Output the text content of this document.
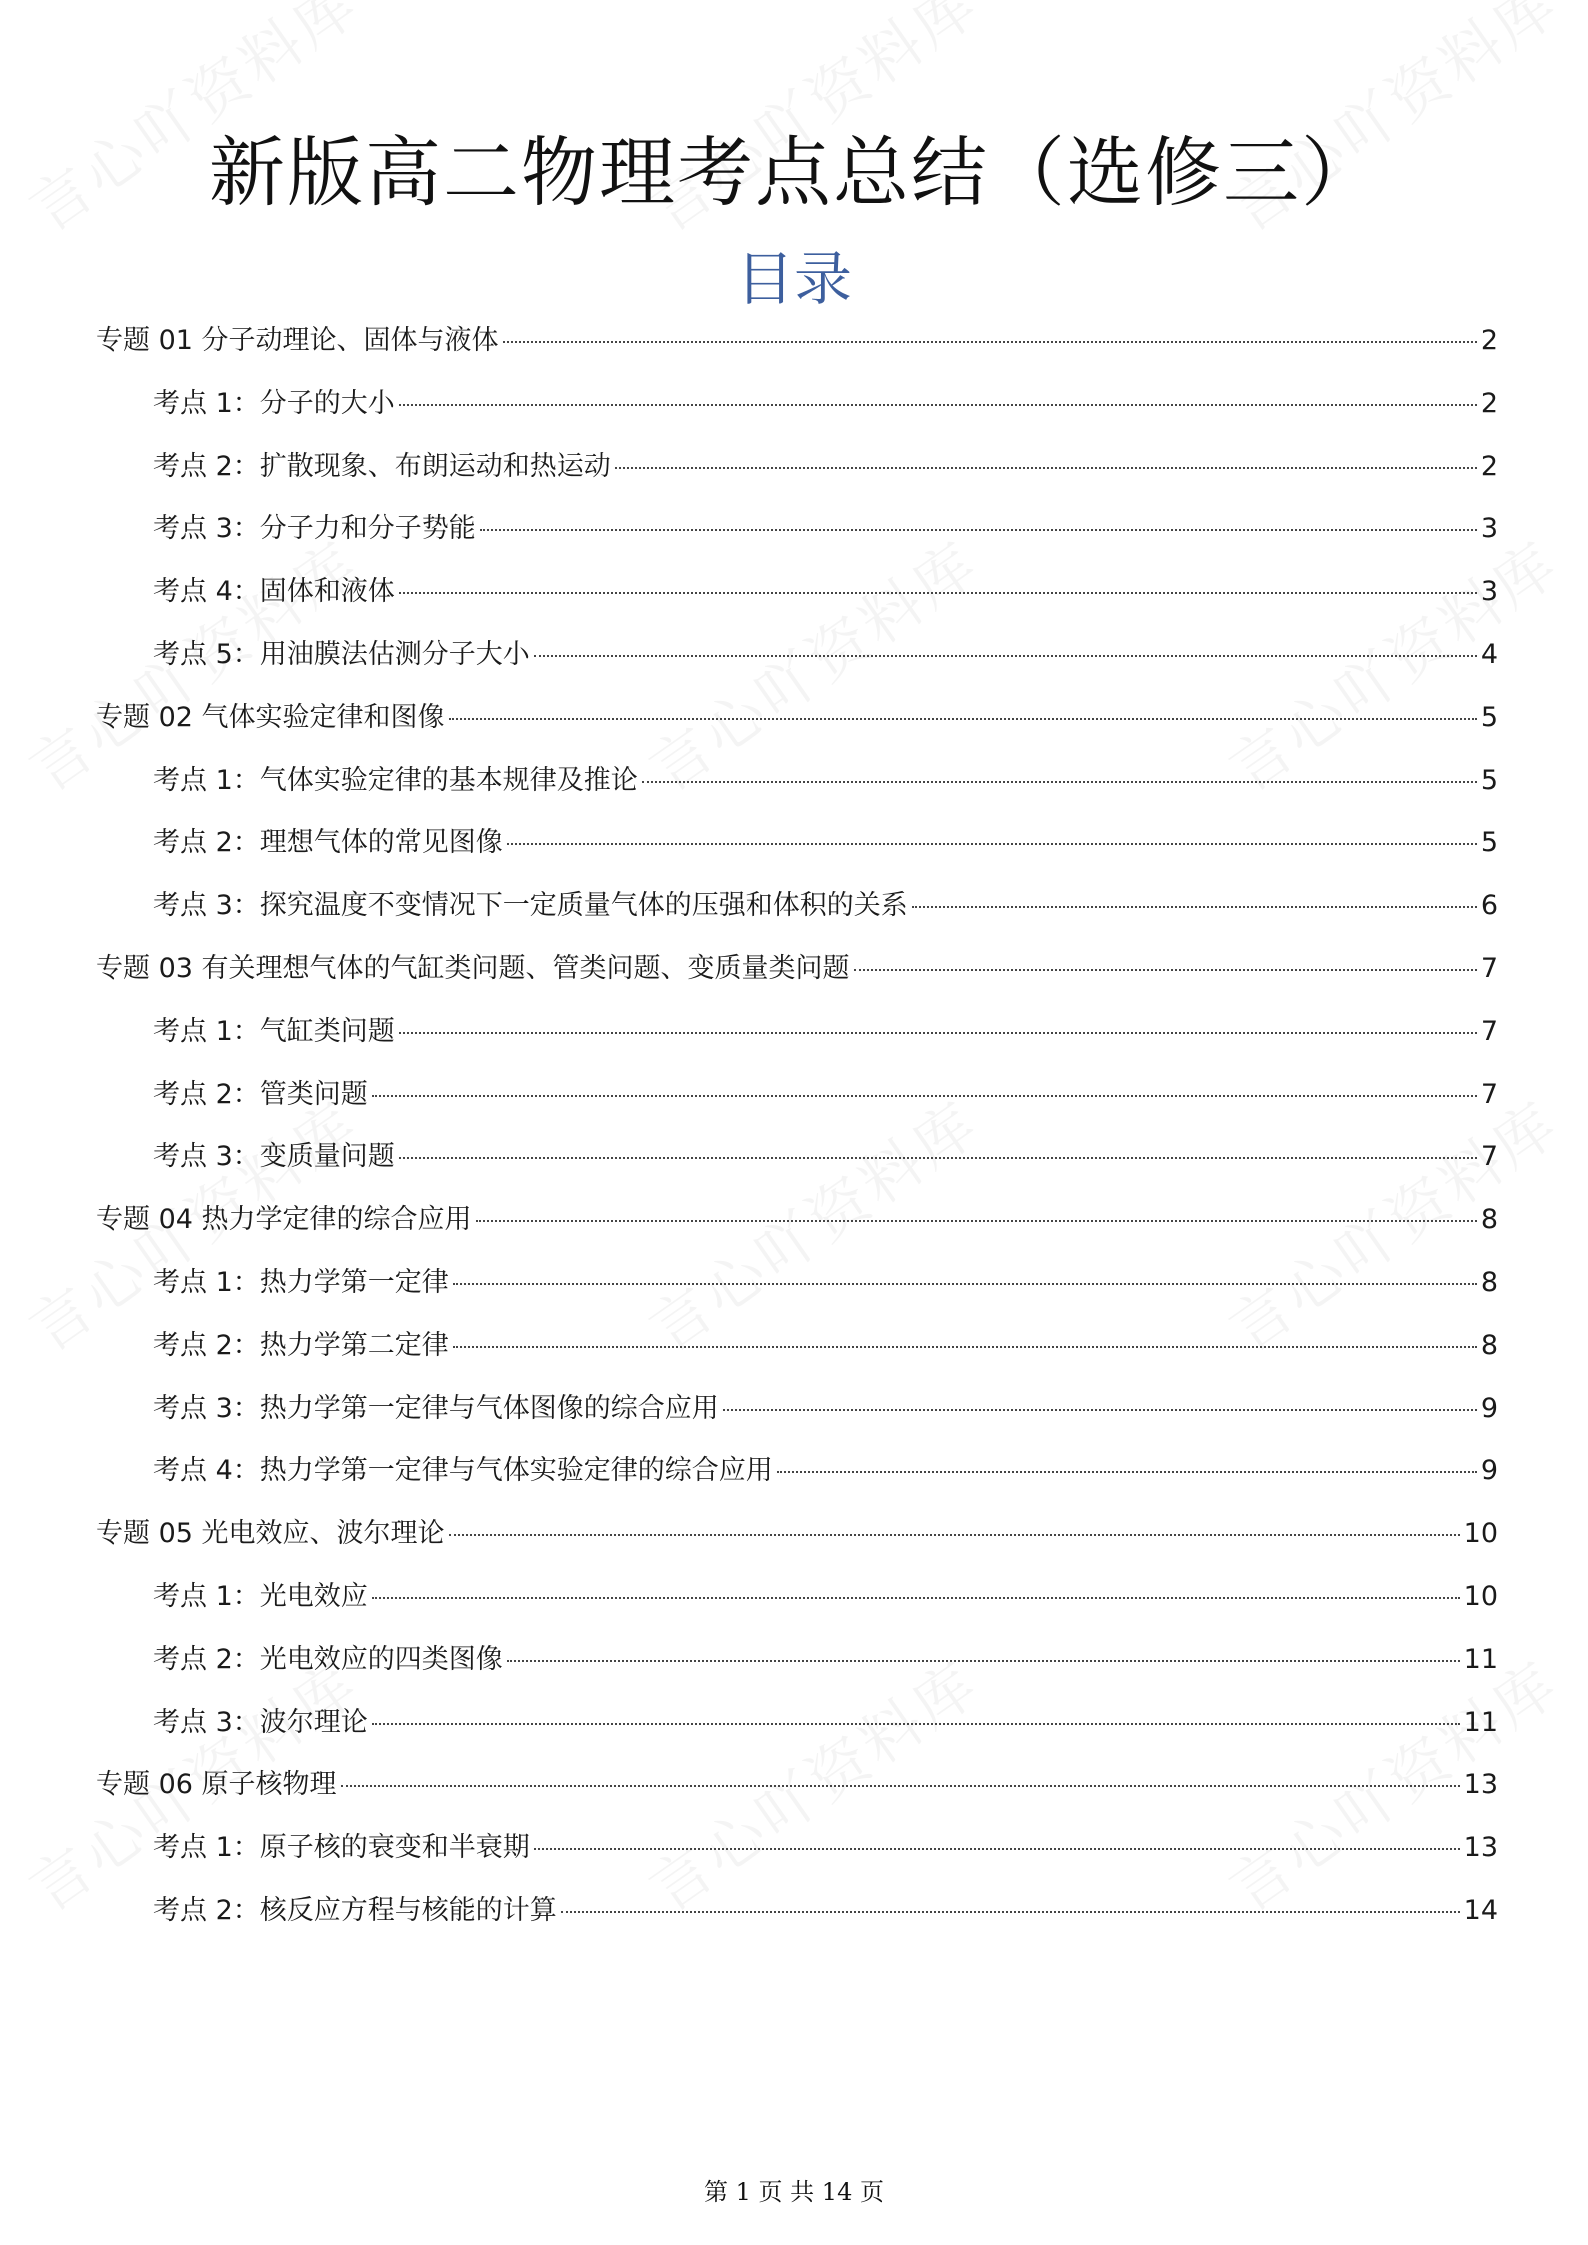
新版高二物理考点总结（选修三）
目录
专题 01 分子动理论、固体与液体	2
考点 1：分子的大小	2
考点 2：扩散现象、布朗运动和热运动	2
考点 3：分子力和分子势能	3
考点 4：固体和液体	3
考点 5：用油膜法估测分子大小	4
专题 02 气体实验定律和图像	5
考点 1：气体实验定律的基本规律及推论	5
考点 2：理想气体的常见图像	5
考点 3：探究温度不变情况下一定质量气体的压强和体积的关系	6
专题 03 有关理想气体的气缸类问题、管类问题、变质量类问题	7
考点 1：气缸类问题	7
考点 2：管类问题	7
考点 3：变质量问题	7
专题 04 热力学定律的综合应用	8
考点 1：热力学第一定律	8
考点 2：热力学第二定律	8
考点 3：热力学第一定律与气体图像的综合应用	9
考点 4：热力学第一定律与气体实验定律的综合应用	9
专题 05 光电效应、波尔理论	10
考点 1：光电效应	10
考点 2：光电效应的四类图像	11
考点 3：波尔理论	11
专题 06 原子核物理	13
考点 1：原子核的衰变和半衰期	13
考点 2：核反应方程与核能的计算	14
第 1 页 共 14 页
